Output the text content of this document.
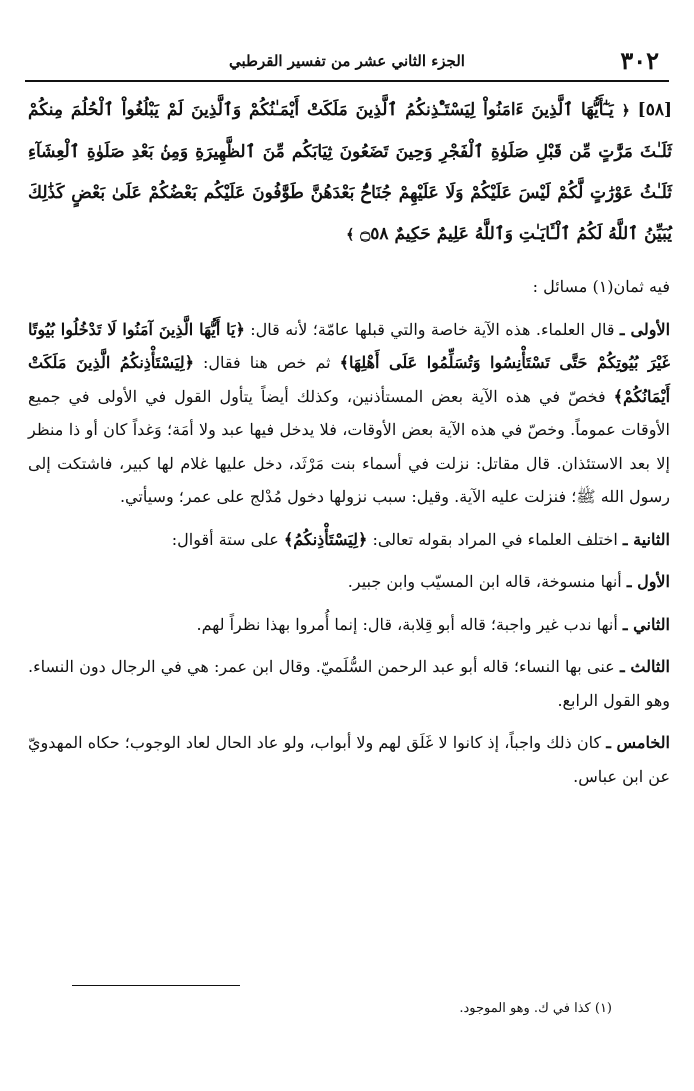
٣٠٢
الجزء الثاني عشر من تفسير القرطبي
[٥٨] ﴿ يَـٰٓأَيُّهَا ٱلَّذِينَ ءَامَنُواْ لِيَسْتَـْٔذِنكُمُ ٱلَّذِينَ مَلَكَتْ أَيْمَـٰنُكُمْ وَٱلَّذِينَ لَمْ يَبْلُغُواْ ٱلْحُلُمَ مِنكُمْ ثَلَـٰثَ مَرَّٰتٍ مِّن قَبْلِ صَلَوٰةِ ٱلْفَجْرِ وَحِينَ تَضَعُونَ ثِيَابَكُم مِّنَ ٱلظَّهِيرَةِ وَمِنۢ بَعْدِ صَلَوٰةِ ٱلْعِشَآءِ ثَلَـٰثُ عَوْرَٰتٍ لَّكُمْ لَيْسَ عَلَيْكُمْ وَلَا عَلَيْهِمْ جُنَاحٌۢ بَعْدَهُنَّ طَوَّٰفُونَ عَلَيْكُم بَعْضُكُمْ عَلَىٰ بَعْضٍ كَذَٰلِكَ يُبَيِّنُ ٱللَّهُ لَكُمُ ٱلْـَٔايَـٰتِ وَٱللَّهُ عَلِيمٌ حَكِيمٌ ۝٥٨ ﴾

فيه ثمان(١) مسائل :

الأولى ـ قال العلماء. هذه الآية خاصة والتي قبلها عامّة؛ لأنه قال: ﴿يَا أَيُّهَا الَّذِينَ آمَنُوا لَا تَدْخُلُوا بُيُوتًا غَيْرَ بُيُوتِكُمْ حَتَّى تَسْتَأْنِسُوا وَتُسَلِّمُوا عَلَى أَهْلِهَا﴾ ثم خص هنا فقال: ﴿لِيَسْتَأْذِنكُمُ الَّذِينَ مَلَكَتْ أَيْمَانُكُمْ﴾ فخصّ في هذه الآية بعض المستأذنين، وكذلك أيضاً يتأول القول في الأولى في جميع الأوقات عموماً. وخصّ في هذه الآية بعض الأوقات، فلا يدخل فيها عبد ولا أمَة؛ وَغداً كان أو ذا منظر إلا بعد الاستئذان. قال مقاتل: نزلت في أسماء بنت مَرْثَد، دخل عليها غلام لها كبير، فاشتكت إلى رسول الله ﷺ؛ فنزلت عليه الآية. وقيل: سبب نزولها دخول مُدْلج على عمر؛ وسيأتي.

الثانية ـ اختلف العلماء في المراد بقوله تعالى: ﴿لِيَسْتَأْذِنكُمُ﴾ على ستة أقوال:

الأول ـ أنها منسوخة، قاله ابن المسيّب وابن جبير.

الثاني ـ أنها ندب غير واجبة؛ قاله أبو قِلابة، قال: إنما أُمروا بهذا نظراً لهم.

الثالث ـ عنى بها النساء؛ قاله أبو عبد الرحمن السُّلَميّ. وقال ابن عمر: هي في الرجال دون النساء. وهو القول الرابع.

الخامس ـ كان ذلك واجباً، إذ كانوا لا غَلَق لهم ولا أبواب، ولو عاد الحال لعاد الوجوب؛ حكاه المهدويّ عن ابن عباس.

(١) كذا في ك. وهو الموجود.
